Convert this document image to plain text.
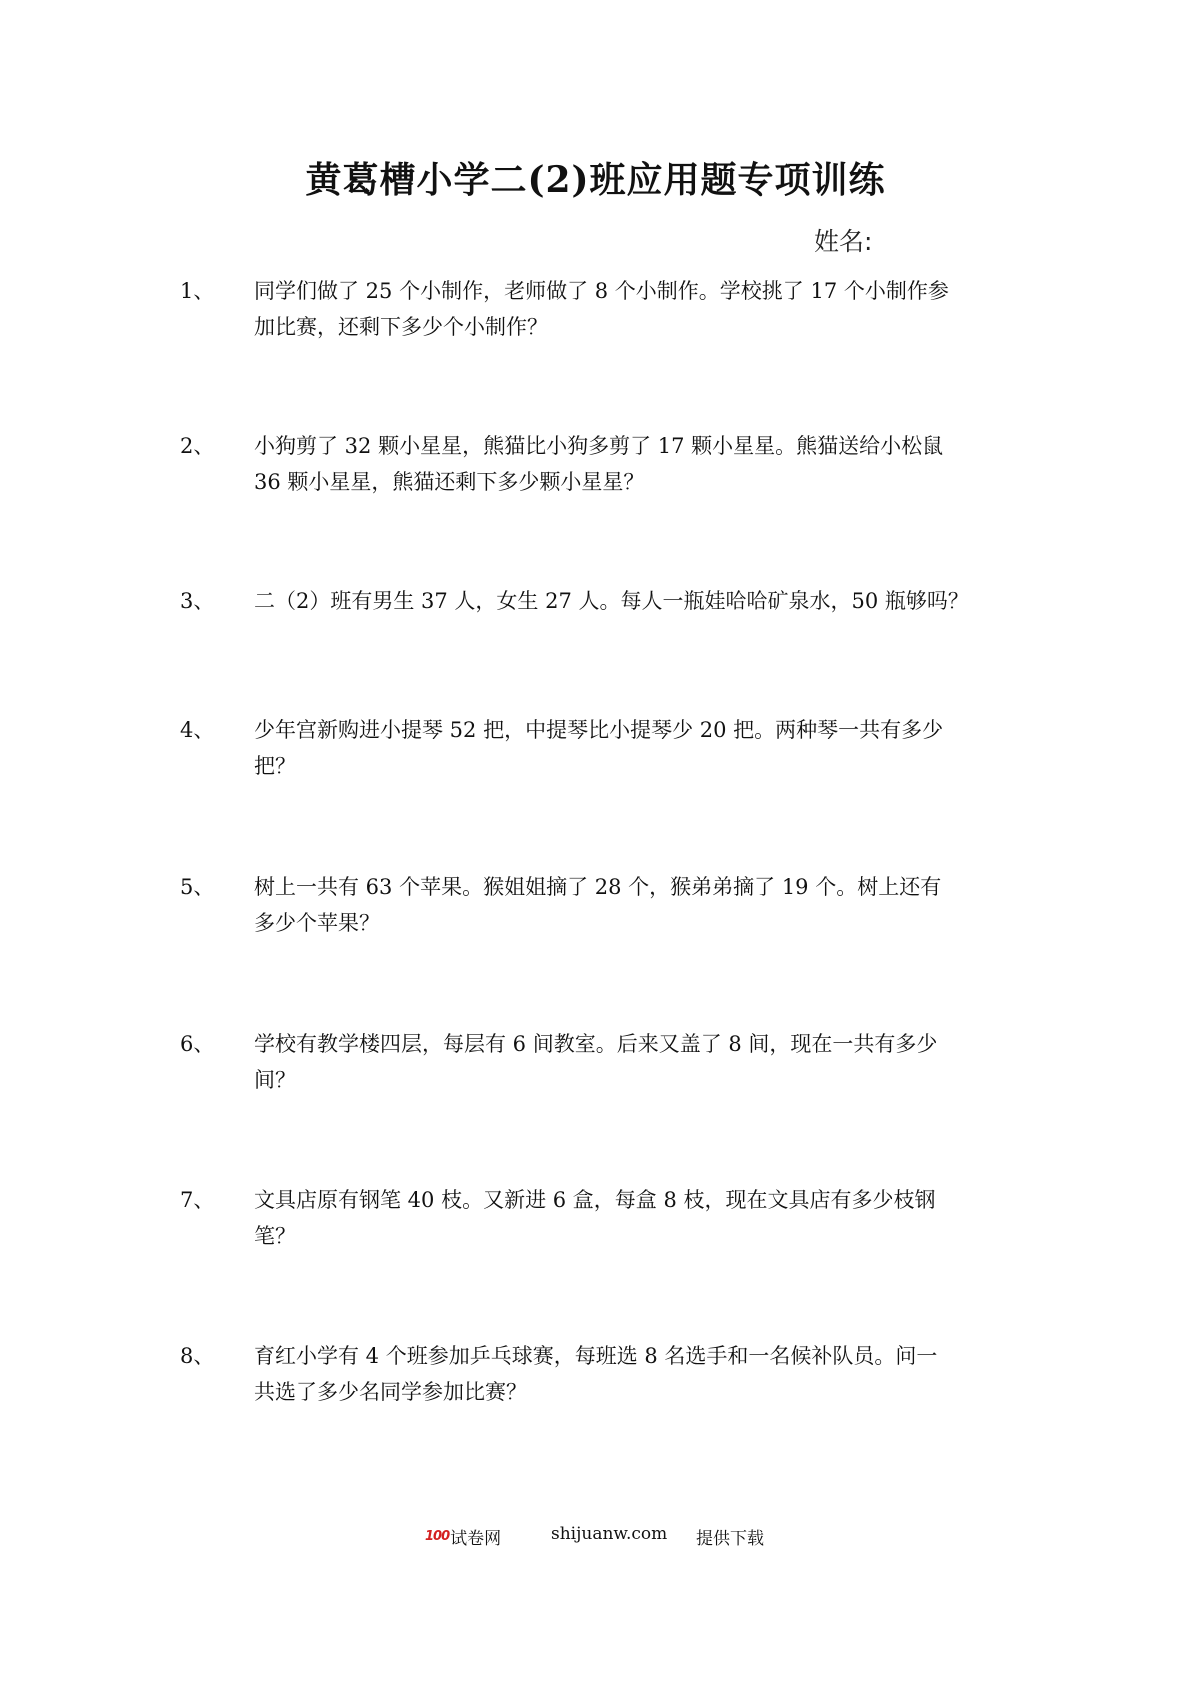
黄葛槽小学二(2)班应用题专项训练
姓名:
1、 同学们做了 25 个小制作，老师做了 8 个小制作。学校挑了 17 个小制作参
加比赛，还剩下多少个小制作？
2、 小狗剪了 32 颗小星星，熊猫比小狗多剪了 17 颗小星星。熊猫送给小松鼠
36 颗小星星，熊猫还剩下多少颗小星星？
3、 二（2）班有男生 37 人，女生 27 人。每人一瓶娃哈哈矿泉水，50 瓶够吗？
4、 少年宫新购进小提琴 52 把，中提琴比小提琴少 20 把。两种琴一共有多少
把？
5、 树上一共有 63 个苹果。猴姐姐摘了 28 个，猴弟弟摘了 19 个。树上还有
多少个苹果？
6、 学校有教学楼四层，每层有 6 间教室。后来又盖了 8 间，现在一共有多少
间？
7、 文具店原有钢笔 40 枝。又新进 6 盒，每盒 8 枝，现在文具店有多少枝钢
笔？
8、 育红小学有 4 个班参加乒乓球赛，每班选 8 名选手和一名候补队员。问一
共选了多少名同学参加比赛？
100试卷网	shijuanw.com 提供下载
